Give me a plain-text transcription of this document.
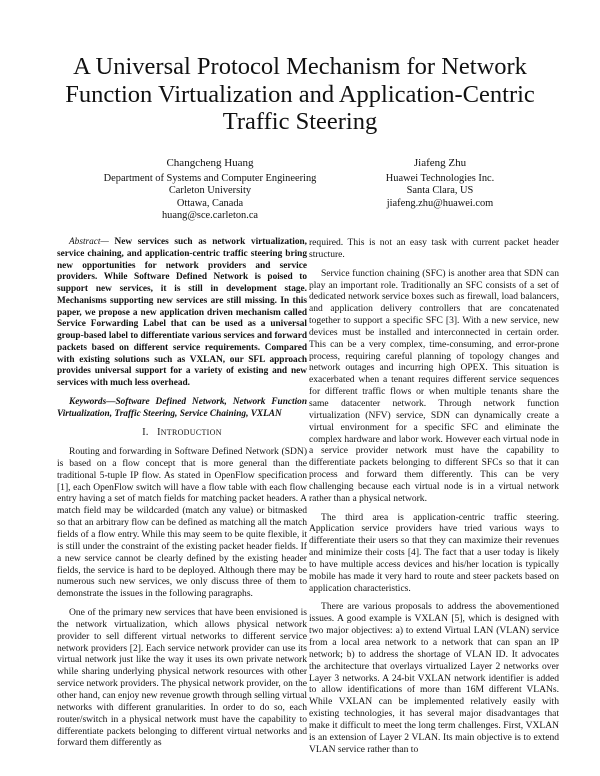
A Universal Protocol Mechanism for Network Function Virtualization and Application-Centric Traffic Steering
Changcheng Huang
Department of Systems and Computer Engineering
Carleton University
Ottawa, Canada
huang@sce.carleton.ca
Jiafeng Zhu
Huawei Technologies Inc.
Santa Clara, US
jiafeng.zhu@huawei.com

Abstract— New services such as network virtualization, service chaining, and application-centric traffic steering bring new opportunities for network providers and service providers. While Software Defined Network is poised to support new services, it is still in development stage. Mechanisms supporting new services are still missing. In this paper, we propose a new application driven mechanism called Service Forwarding Label that can be used as a universal group-based label to differentiate various services and forward packets based on different service requirements. Compared with existing solutions such as VXLAN, our SFL approach provides universal support for a variety of existing and new services with much less overhead.

Keywords—Software Defined Network, Network Function Virtualization, Traffic Steering, Service Chaining, VXLAN

I. INTRODUCTION

Routing and forwarding in Software Defined Network (SDN) is based on a flow concept that is more general than the traditional 5-tuple IP flow. As stated in OpenFlow specification [1], each OpenFlow switch will have a flow table with each flow entry having a set of match fields for matching packet headers. A match field may be wildcarded (match any value) or bitmasked so that an arbitrary flow can be defined as matching all the match fields of a flow entry. While this may seem to be quite flexible, it is still under the constraint of the existing packet header fields. If a new service cannot be clearly defined by the existing header fields, the service is hard to be deployed. Although there may be numerous such new services, we only discuss three of them to demonstrate the issues in the following paragraphs.

One of the primary new services that have been envisioned is the network virtualization, which allows physical network provider to sell different virtual networks to different service network providers [2]. Each service network provider can use its virtual network just like the way it uses its own private network while sharing underlying physical network resources with other service network providers. The physical network provider, on the other hand, can enjoy new revenue growth through selling virtual networks with different granularities. In order to do so, each router/switch in a physical network must have the capability to differentiate packets belonging to different virtual networks and forward them differently as

required. This is not an easy task with current packet header structure.

Service function chaining (SFC) is another area that SDN can play an important role. Traditionally an SFC consists of a set of dedicated network service boxes such as firewall, load balancers, and application delivery controllers that are concatenated together to support a specific SFC [3]. With a new service, new devices must be installed and interconnected in certain order. This can be a very complex, time-consuming, and error-prone process, requiring careful planning of topology changes and network outages and incurring high OPEX. This situation is exacerbated when a tenant requires different service sequences for different traffic flows or when multiple tenants share the same datacenter network. Through network function virtualization (NFV) service, SDN can dynamically create a virtual environment for a specific SFC and eliminate the complex hardware and labor work. However each virtual node in a service provider network must have the capability to differentiate packets belonging to different SFCs so that it can process and forward them differently. This can be very challenging because each virtual node is in a virtual network rather than a physical network.

The third area is application-centric traffic steering. Application service providers have tried various ways to differentiate their users so that they can maximize their revenues and minimize their costs [4]. The fact that a user today is likely to have multiple access devices and his/her location is typically mobile has made it very hard to route and steer packets based on application characteristics.

There are various proposals to address the abovementioned issues. A good example is VXLAN [5], which is designed with two major objectives: a) to extend Virtual LAN (VLAN) service from a local area network to a network that can span an IP network; b) to address the shortage of VLAN ID. It advocates the architecture that overlays virtualized Layer 2 networks over Layer 3 networks. A 24-bit VXLAN network identifier is added to allow identifications of more than 16M different VLANs. While VXLAN can be implemented relatively easily with existing technologies, it has several major disadvantages that make it difficult to meet the long term challenges. First, VXLAN is an extension of Layer 2 VLAN. Its main objective is to extend VLAN service rather than to
